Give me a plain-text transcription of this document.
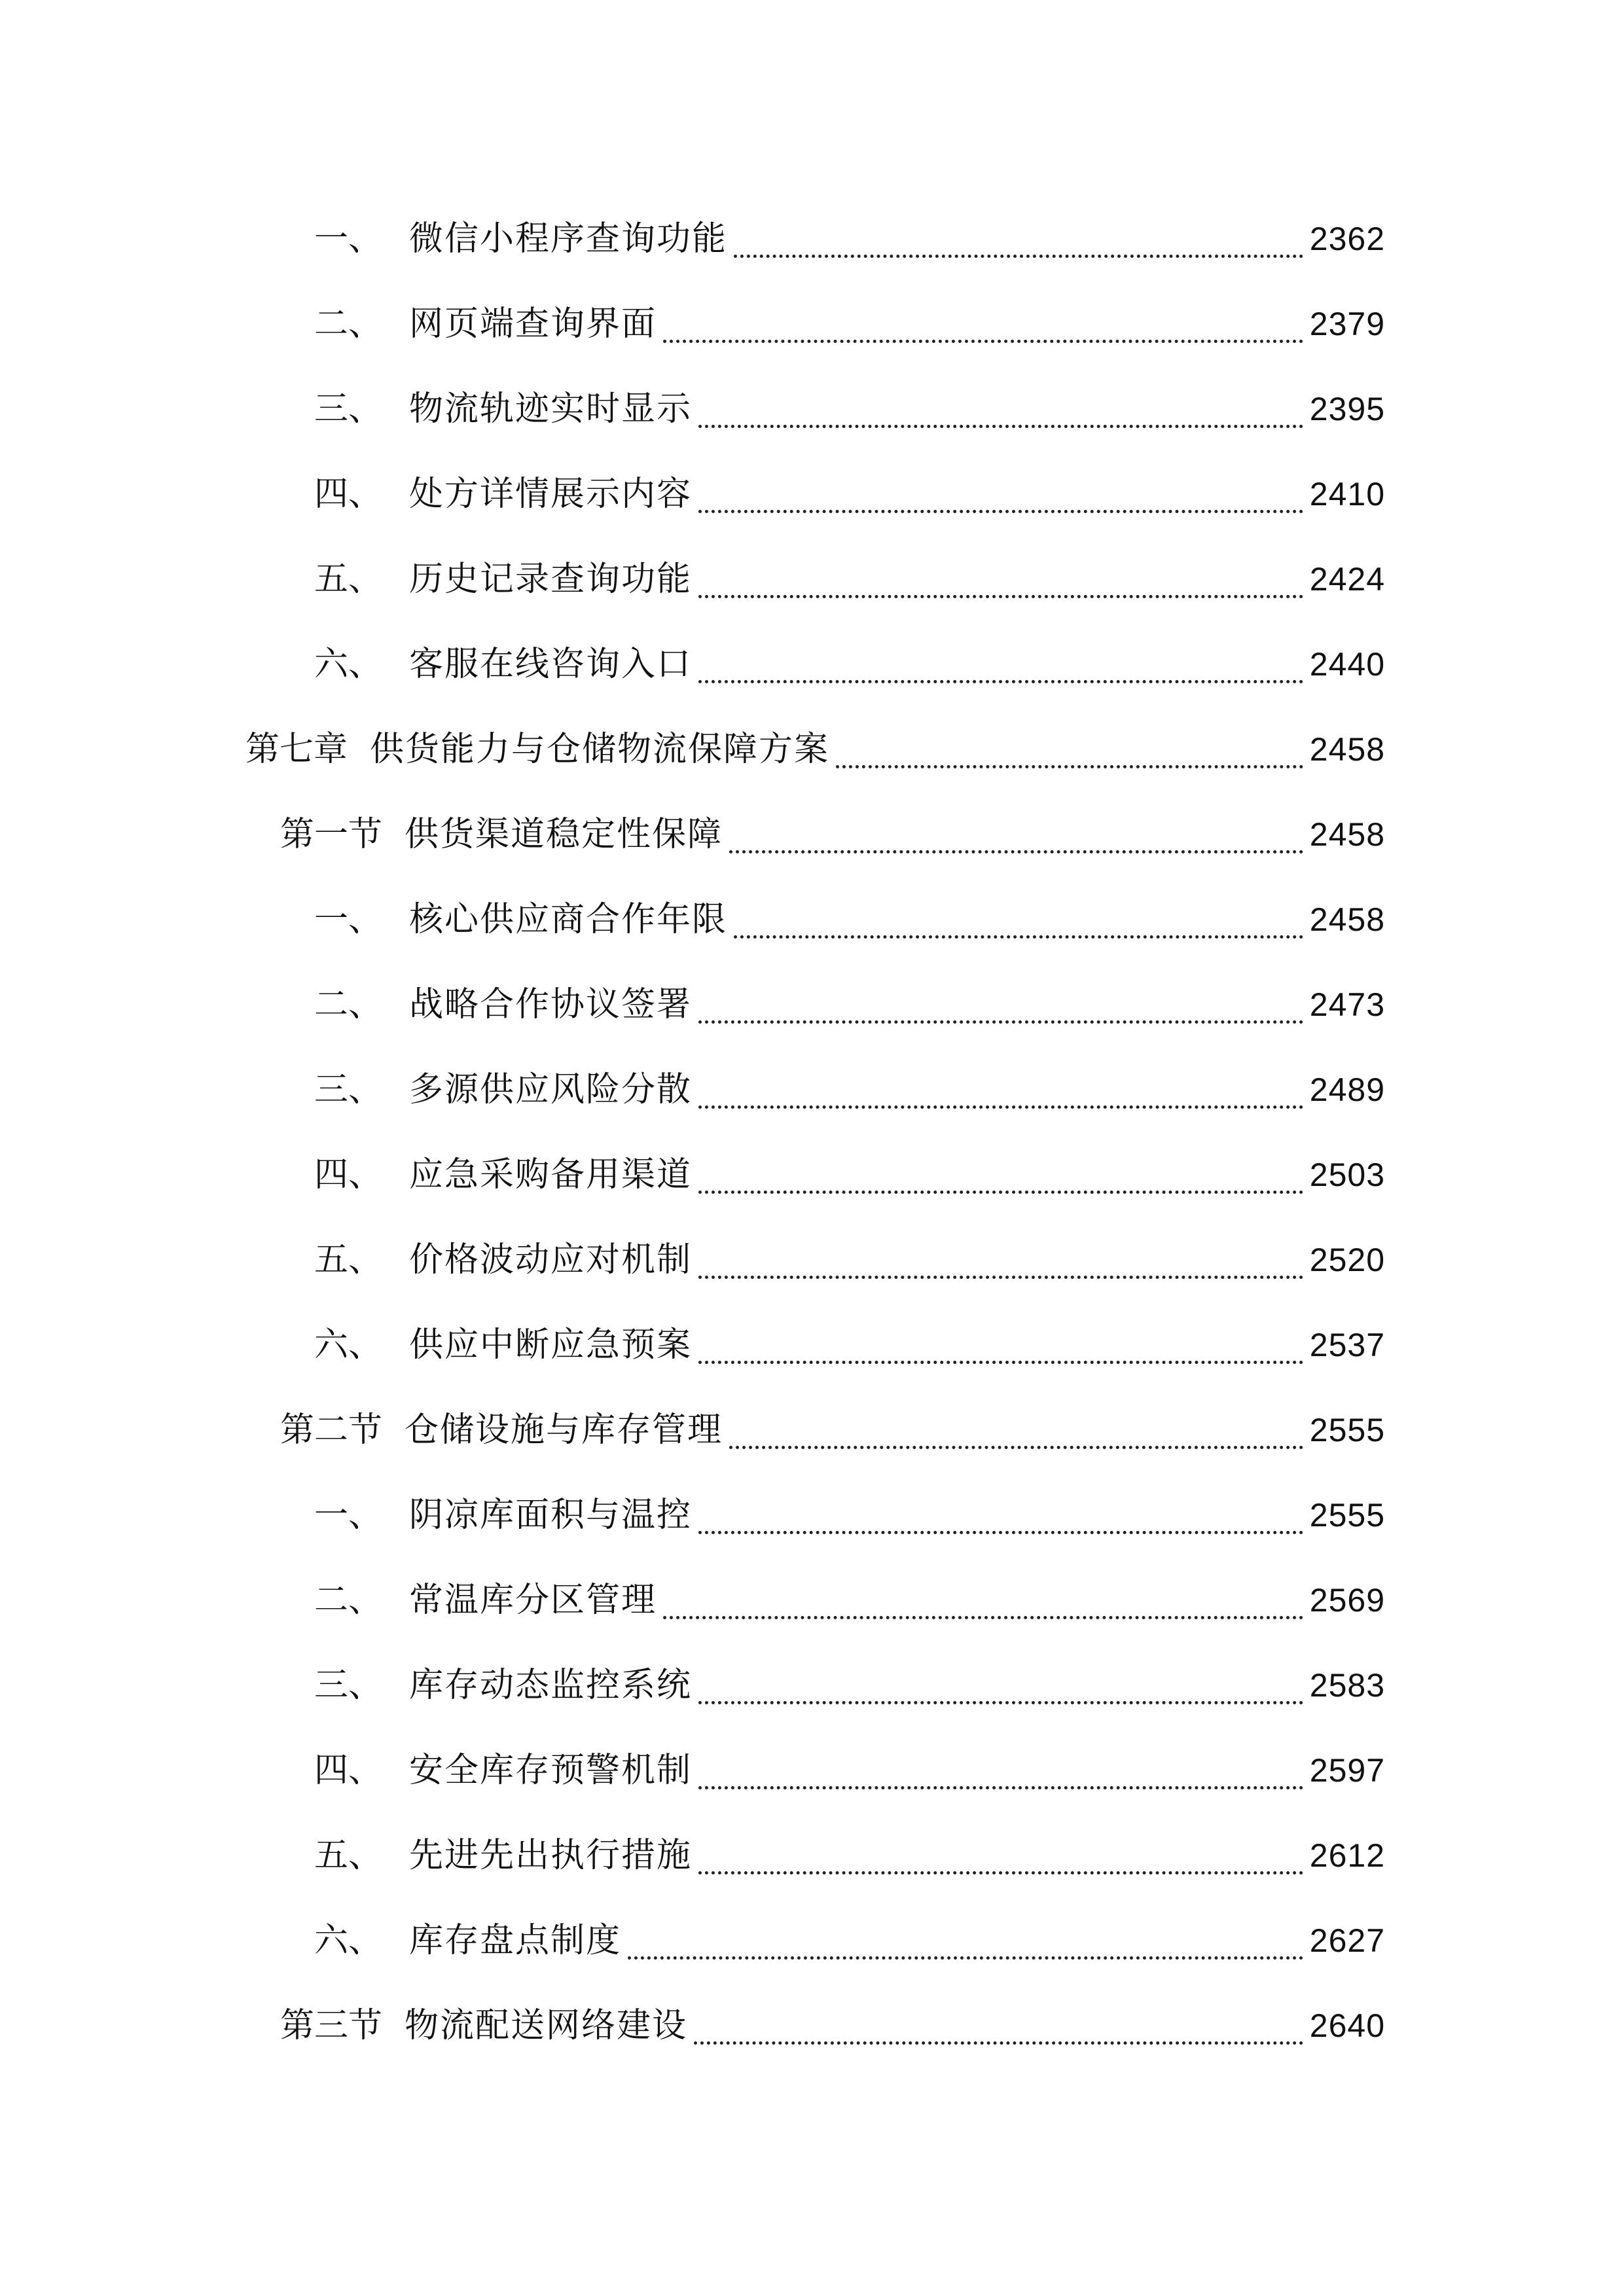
一、 微信小程序查询功能	2362
二、 网页端查询界面	2379
三、 物流轨迹实时显示	2395
四、 处方详情展示内容	2410
五、 历史记录查询功能	2424
六、 客服在线咨询入口	2440
第七章 供货能力与仓储物流保障方案	2458
第一节 供货渠道稳定性保障	2458
一、 核心供应商合作年限	2458
二、 战略合作协议签署	2473
三、 多源供应风险分散	2489
四、 应急采购备用渠道	2503
五、 价格波动应对机制	2520
六、 供应中断应急预案	2537
第二节 仓储设施与库存管理	2555
一、 阴凉库面积与温控	2555
二、 常温库分区管理	2569
三、 库存动态监控系统	2583
四、 安全库存预警机制	2597
五、 先进先出执行措施	2612
六、 库存盘点制度	2627
第三节 物流配送网络建设	2640
